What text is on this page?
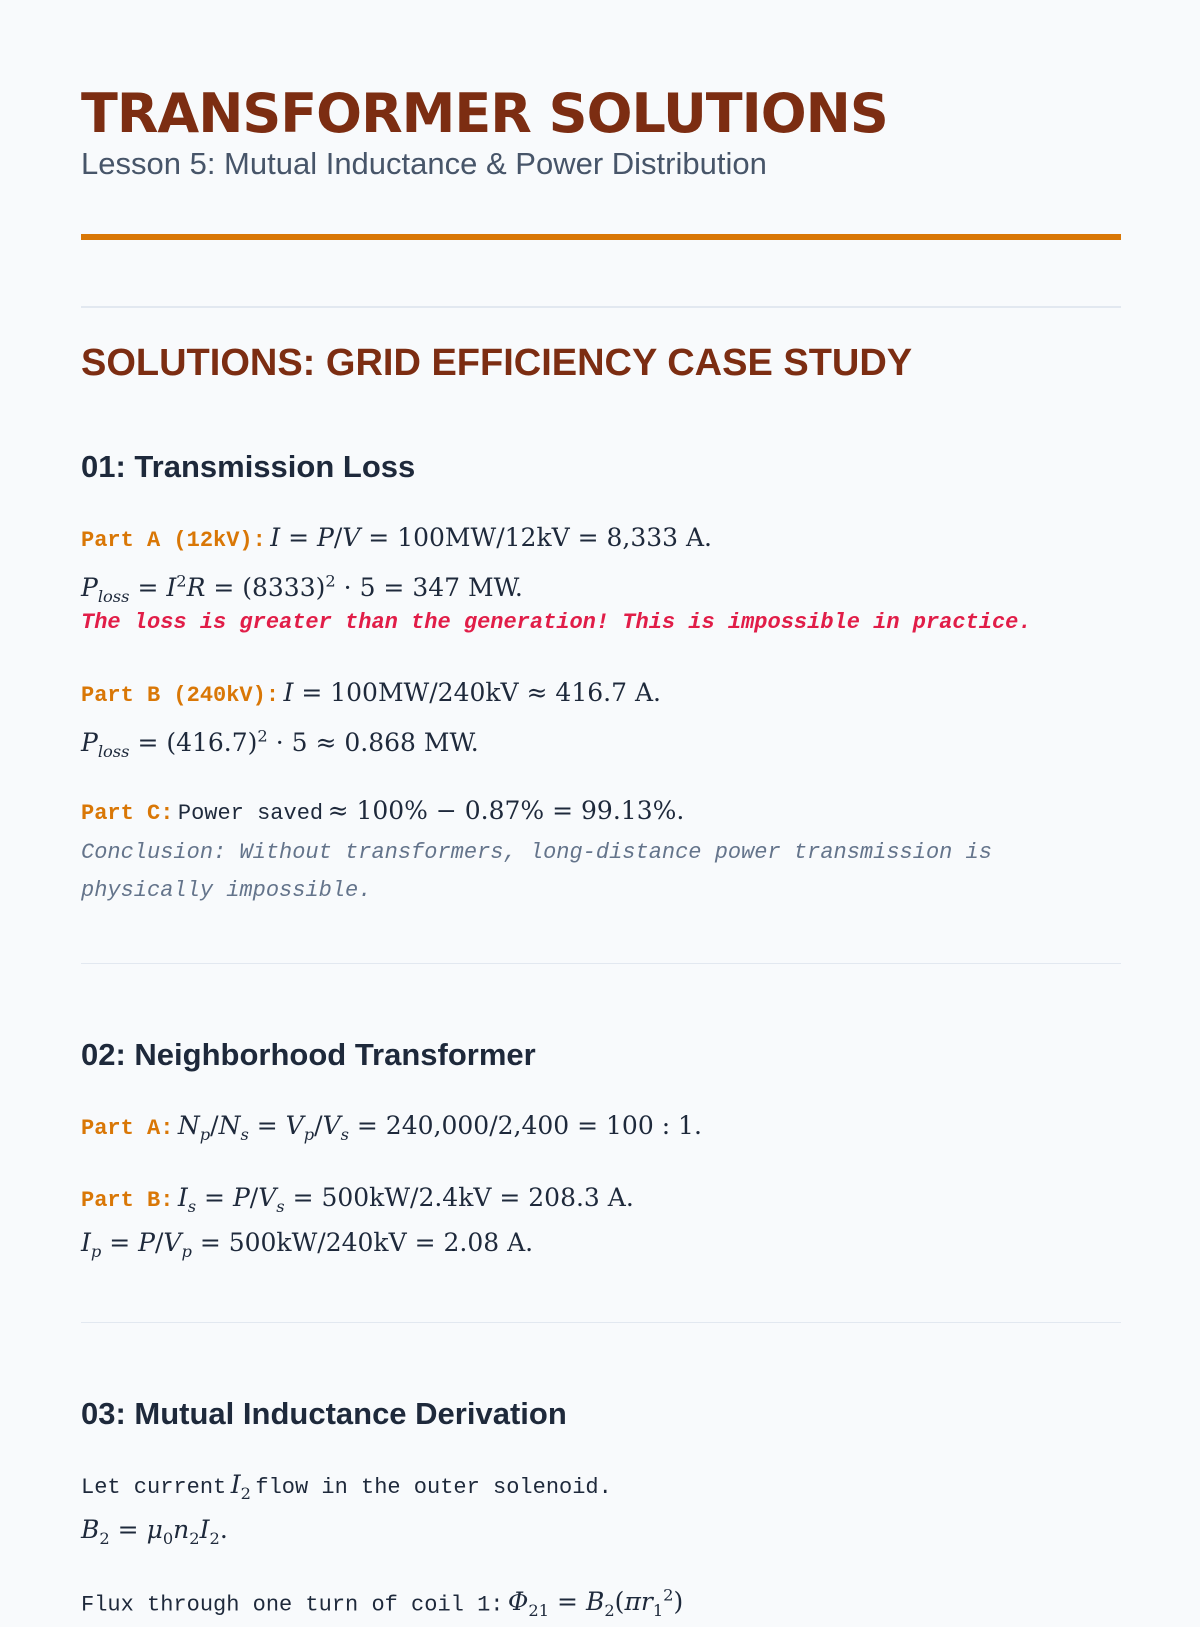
TRANSFORMER SOLUTIONS
Lesson 5: Mutual Inductance & Power Distribution
SOLUTIONS: GRID EFFICIENCY CASE STUDY
01: Transmission Loss
Part A (12kV): I = P/V = 100MW/12kV = 8,333 A.
$P_{loss} = I^2R = (8333)^2 \cdot 5 = 347$ MW.
The loss is greater than the generation! This is impossible in practice.
Part B (240kV): I = 100MW/240kV ≈ 416.7 A.
$P_{loss} = (416.7)^2 \cdot 5 \approx 0.868$ MW.
Part C: Power saved ≈ 100% − 0.87% = 99.13%.
Conclusion: Without transformers, long-distance power transmission is physically impossible.
02: Neighborhood Transformer
Part A: $N_p/N_s = V_p/V_s = 240,000/2,400 = 100$ : 1.
Part B: $I_s = P/V_s = 500kW/2.4kV = 208.3$ A.
$I_p = P/V_p = 500kW/240kV = 2.08$ A.
03: Mutual Inductance Derivation
Let current $I_2$ flow in the outer solenoid.
$B_2 = \mu_0n_2I_2$.
Flux through one turn of coil 1: $\Phi_{21} = B_2(\pi r_1^2)$
